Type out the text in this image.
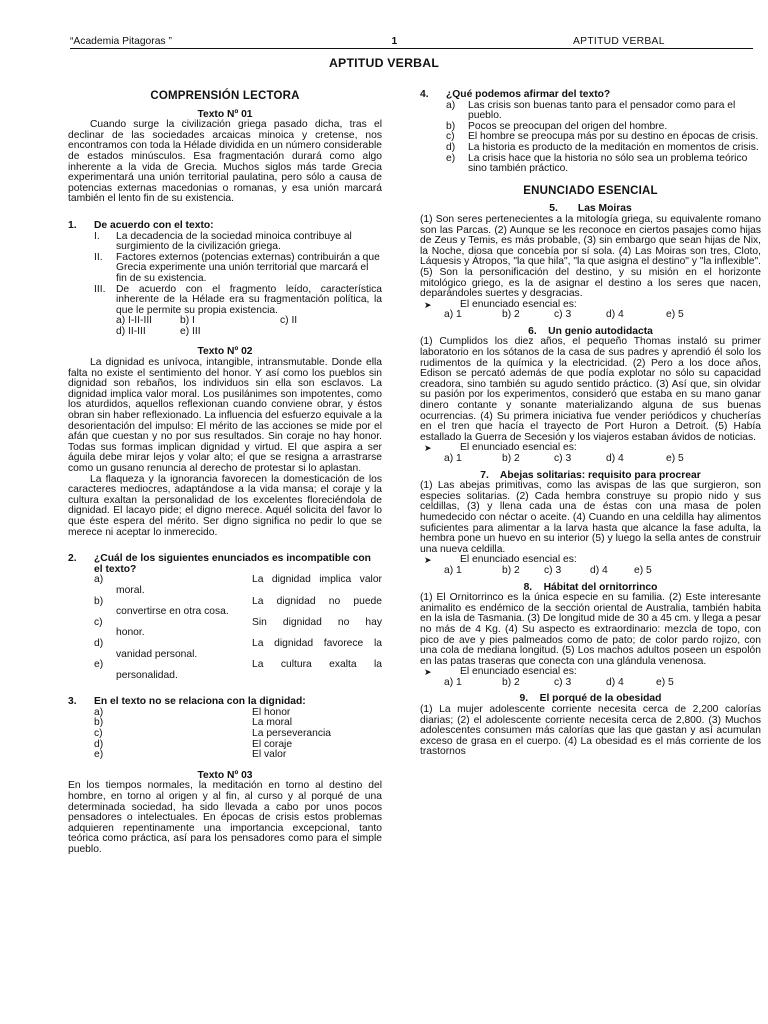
“Academia Pitagoras ”	1	APTITUD VERBAL
APTITUD VERBAL
COMPRENSIÓN LECTORA
Texto Nº 01

Cuando surge la civilización griega pasado dicha, tras el declinar de las sociedades arcaicas minoica y cretense, nos encontramos con toda la Hélade dividida en un número considerable de estados minúsculos. Esa fragmentación durará como algo inherente a la vida de Grecia. Muchos siglos más tarde Grecia experimentará una unión territorial paulatina, pero sólo a causa de potencias externas macedonias o romanas, y esa unión marcará también el lento fin de su existencia.

1.	De acuerdo con el texto:
I.	La decadencia de la sociedad minoica contribuye al surgimiento de la civilización griega.
II.	Factores externos (potencias externas) contribuirán a que Grecia experimente una unión territorial que marcará el fin de su existencia.
III.	De acuerdo con el fragmento leído, característica inherente de la Hélade era su fragmentación política, la que le permite su propia existencia.
a) I-II-III	b) I	c) II
d) II-III	e) III
Texto Nº 02

La dignidad es unívoca, intangible, intransmutable. Donde ella falta no existe el sentimiento del honor. Y así como los pueblos sin dignidad son rebaños, los individuos sin ella son esclavos. La dignidad implica valor moral. Los pusilánimes son impotentes, como los aturdidos, aquellos reflexionan cuando conviene obrar, y éstos obran sin haber reflexionado. La influencia del esfuerzo equivale a la desorientación del impulso: El mérito de las acciones se mide por el afán que cuestan y no por sus resultados. Sin coraje no hay honor. Todas sus formas implican dignidad y virtud. El que aspira a ser águila debe mirar lejos y volar alto; el que se resigna a arrastrarse como un gusano renuncia al derecho de protestar si lo aplastan.

La flaqueza y la ignorancia favorecen la domesticación de los caracteres mediocres, adaptándose a la vida mansa; el coraje y la cultura exaltan la personalidad de los excelentes floreciéndola de dignidad. El lacayo pide; el digno merece. Aquél solicita del favor lo que éste espera del mérito. Ser digno significa no pedir lo que se merece ni aceptar lo inmerecido.

2.	¿Cuál de los siguientes enunciados es incompatible con el texto?
a)	La dignidad implica valor
moral.
b)	La dignidad no puede
convertirse en otra cosa.
c)	Sin dignidad no hay
honor.
d)	La dignidad favorece la
vanidad personal.
e)	La cultura exalta la
personalidad.
3.	En el texto no se relaciona con la dignidad:
a)	El honor
b)	La moral
c)	La perseverancia
d)	El coraje
e)	El valor
Texto Nº 03

En los tiempos normales, la meditación en torno al destino del hombre, en torno al origen y al fin, al curso y al porqué de una determinada sociedad, ha sido llevada a cabo por unos pocos pensadores o intelectuales. En épocas de crisis estos problemas adquieren repentinamente una importancia excepcional, tanto teórica como práctica, así para los pensadores como para el simple pueblo.

4.	¿Qué podemos afirmar del texto?
a)	Las crisis son buenas tanto para el pensador como para el pueblo.
b)	Pocos se preocupan del origen del hombre.
c)	El hombre se preocupa más por su destino en épocas de crisis.
d)	La historia es producto de la meditación en momentos de crisis.
e)	La crisis hace que la historia no sólo sea un problema teórico sino también práctico.
ENUNCIADO ESENCIAL
5.       Las Moiras

(1) Son seres pertenecientes a la mitología griega, su equivalente romano son las Parcas. (2) Aunque se les reconoce en ciertos pasajes como hijas de Zeus y Temis, es más probable, (3) sin embargo que sean hijas de Nix, la Noche, diosa que concebía por sí sola. (4) Las Moiras son tres, Cloto, Láquesis y Átropos, "la que hila", "la que asigna el destino" y "la inflexible". (5) Son la personificación del destino, y su misión en el horizonte mitológico griego, es la de asignar el destino a los seres que nacen, deparándoles suertes y desgracias.

➤	El enunciado esencial es:
a) 1	b) 2	c) 3	d) 4	e) 5
6.    Un genio autodidacta

(1) Cumplidos los diez años, el pequeño Thomas instaló su primer laboratorio en los sótanos de la casa de sus padres y aprendió él solo los rudimentos de la química y la electricidad. (2) Pero a los doce años, Edison se percató además de que podía explotar no sólo su capacidad creadora, sino también su agudo sentido práctico. (3) Así que, sin olvidar su pasión por los experimentos, consideró que estaba en su mano ganar dinero contante y sonante materializando alguna de sus buenas ocurrencias. (4) Su primera iniciativa fue vender periódicos y chucherías en el tren que hacía el trayecto de Port Huron a Detroit. (5) Había estallado la Guerra de Secesión y los viajeros estaban ávidos de noticias.

➤	El enunciado esencial es:
a) 1	b) 2	c) 3	d) 4	e) 5
7.    Abejas solitarias: requisito para procrear

(1) Las abejas primitivas, como las avispas de las que surgieron, son especies solitarias. (2) Cada hembra construye su propio nido y sus celdillas, (3) y llena cada una de éstas con una masa de polen humedecido con néctar o aceite. (4) Cuando en una celdilla hay alimentos suficientes para alimentar a la larva hasta que alcance la fase adulta, la hembra pone un huevo en su interior (5) y luego la sella antes de construir una nueva celdilla.

➤	El enunciado esencial es:
a) 1	b) 2	c) 3	d) 4	e) 5
8.    Hábitat del ornitorrinco

(1) El Ornitorrinco es la única especie en su familia. (2) Este interesante animalito es endémico de la sección oriental de Australia, también habita en la isla de Tasmania. (3) De longitud mide de 30 a 45 cm. y llega a pesar no más de 4 Kg. (4) Su aspecto es extraordinario: mezcla de topo, con pico de ave y pies palmeados como de pato; de color pardo rojizo, con una cola de mediana longitud. (5) Los machos adultos poseen un espolón en las patas traseras que conecta con una glándula venenosa.

➤	El enunciado esencial es:
a) 1	b) 2	c) 3	d) 4	e) 5
9.    El porqué de la obesidad

(1) La mujer adolescente corriente necesita cerca de 2,200 calorías diarias; (2) el adolescente corriente necesita cerca de 2,800. (3) Muchos adolescentes consumen más calorías que las que gastan y así acumulan exceso de grasa en el cuerpo. (4) La obesidad es el más corriente de los trastornos
